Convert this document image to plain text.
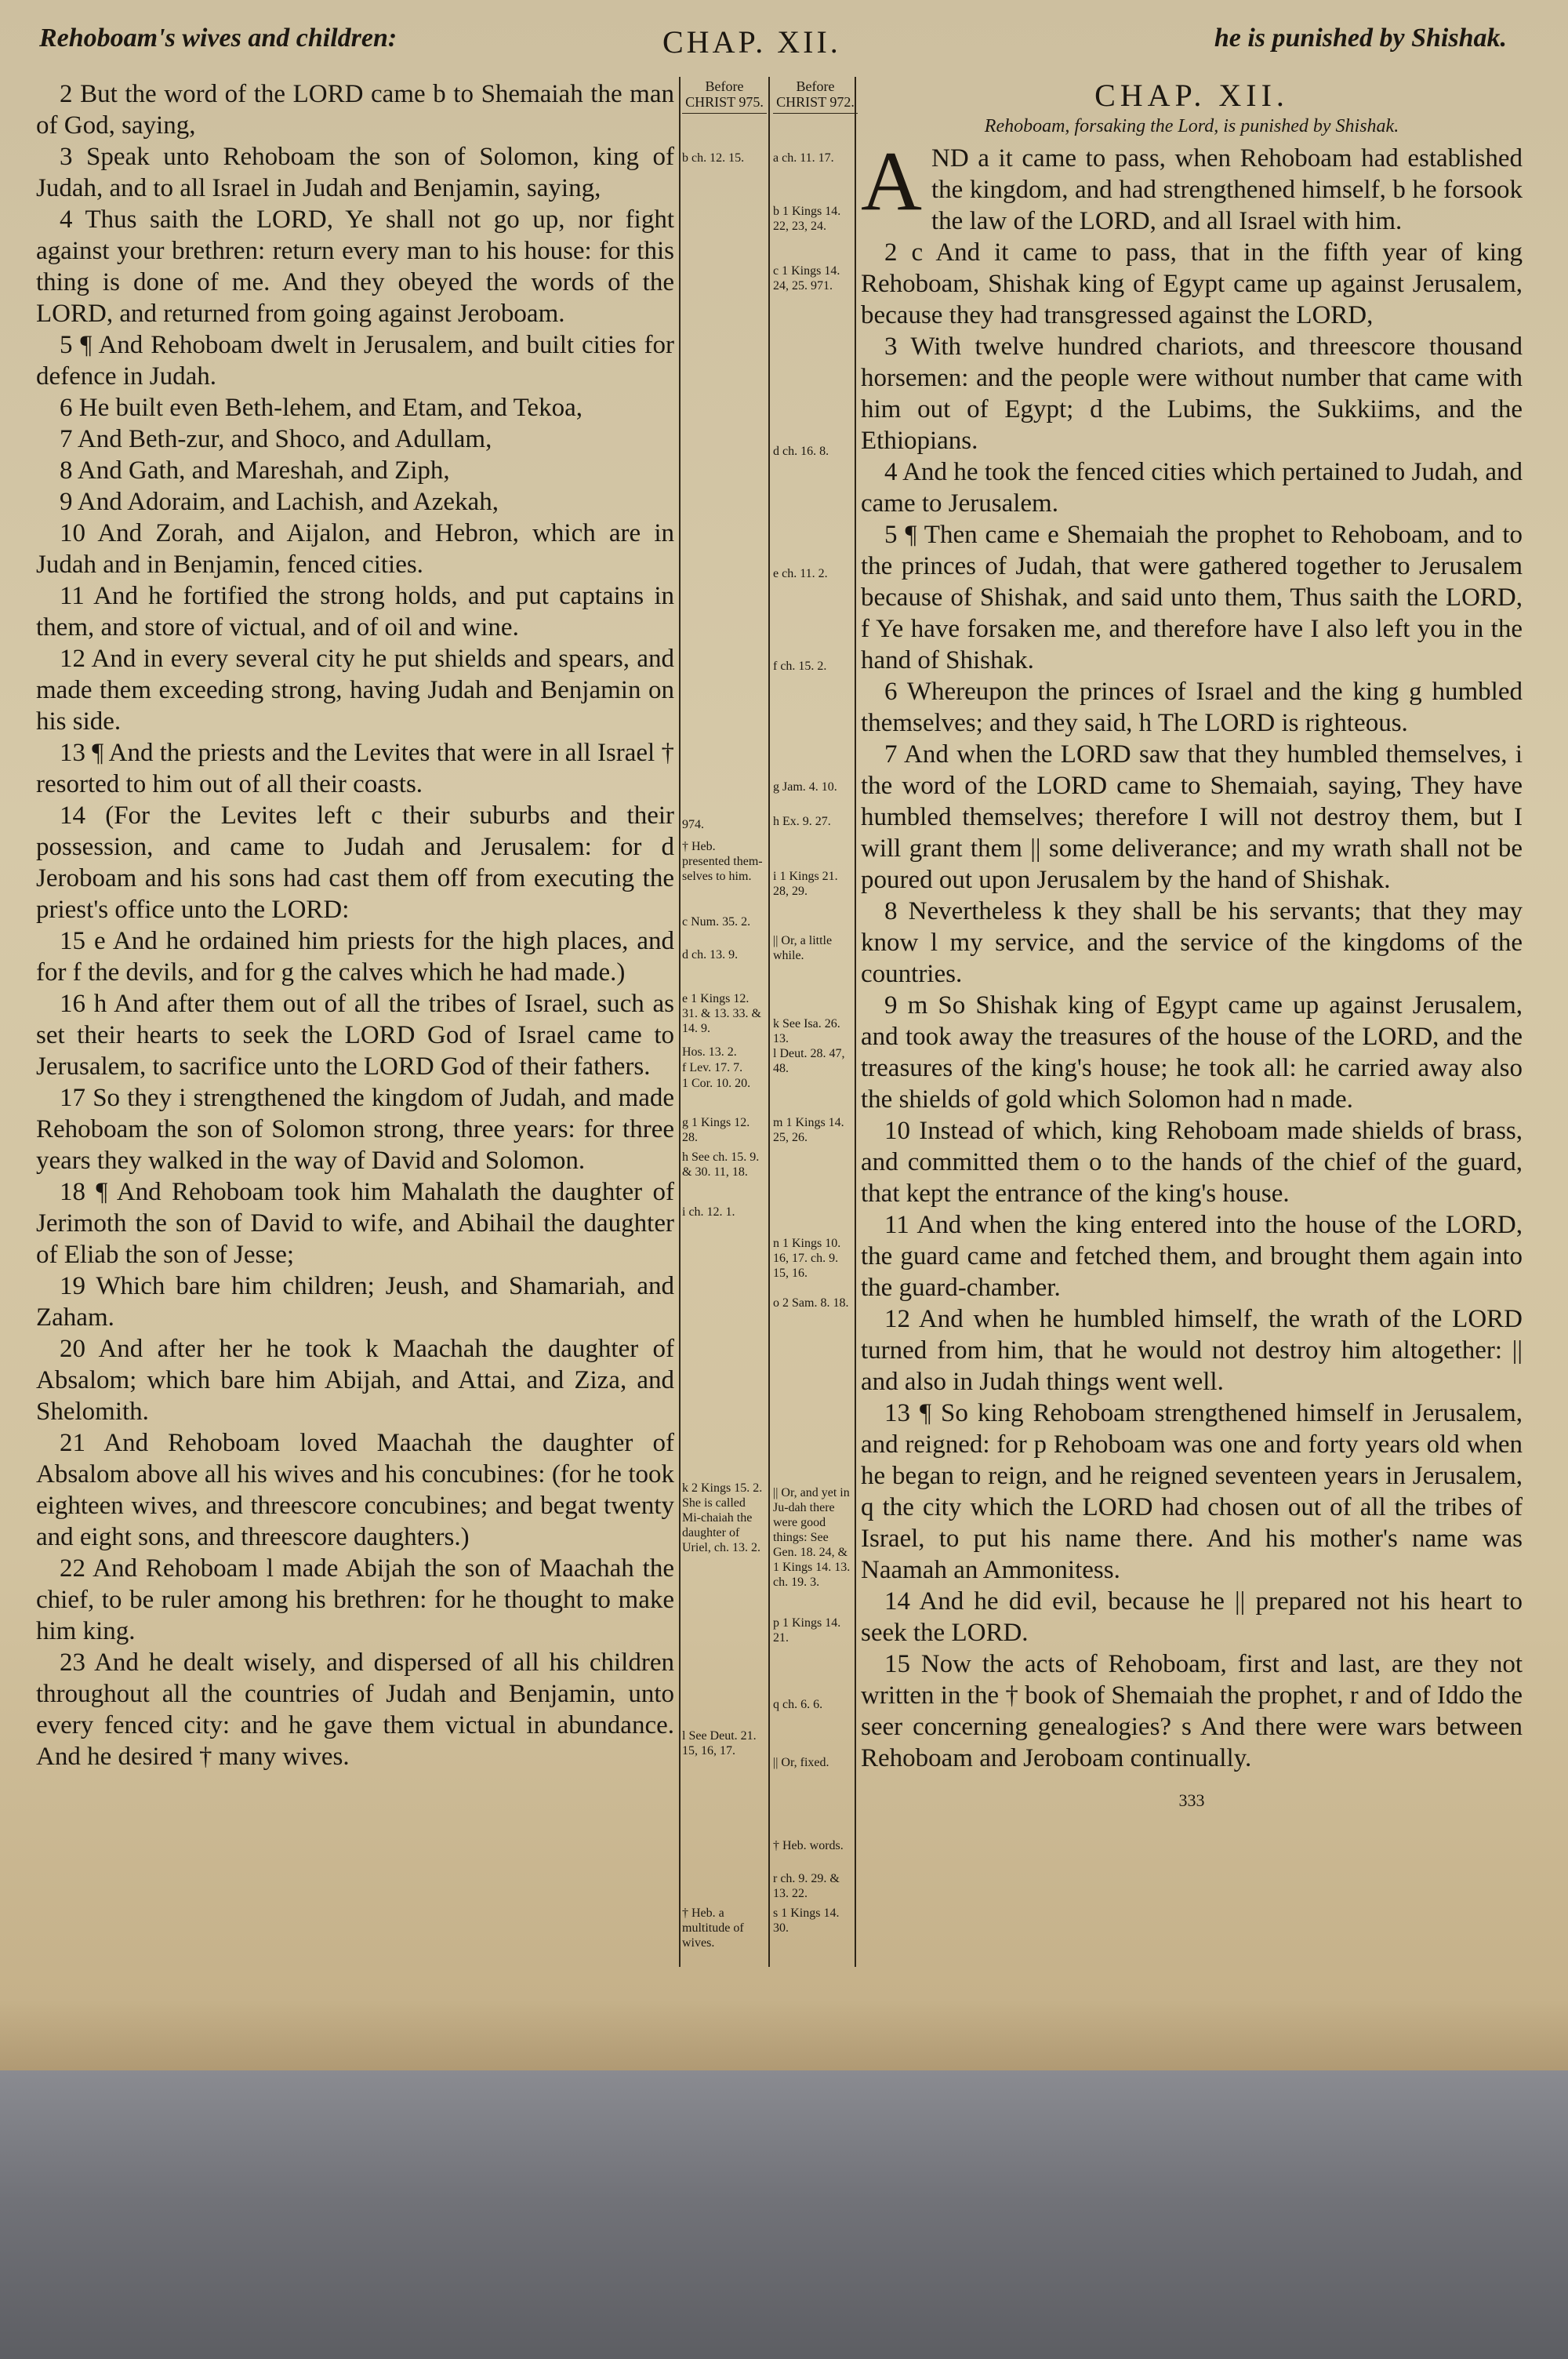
Rehoboam's wives and children:	CHAP. XII.	he is punished by Shishak.

2 But the word of the LORD came b to Shemaiah the man of God, saying,

3 Speak unto Rehoboam the son of Solomon, king of Judah, and to all Israel in Judah and Benjamin, saying,

4 Thus saith the LORD, Ye shall not go up, nor fight against your brethren: return every man to his house: for this thing is done of me. And they obeyed the words of the LORD, and returned from going against Jeroboam.

5 ¶ And Rehoboam dwelt in Jerusalem, and built cities for defence in Judah.

6 He built even Beth-lehem, and Etam, and Tekoa,

7 And Beth-zur, and Shoco, and Adullam,

8 And Gath, and Mareshah, and Ziph,

9 And Adoraim, and Lachish, and Azekah,

10 And Zorah, and Aijalon, and Hebron, which are in Judah and in Benjamin, fenced cities.

11 And he fortified the strong holds, and put captains in them, and store of victual, and of oil and wine.

12 And in every several city he put shields and spears, and made them exceeding strong, having Judah and Benjamin on his side.

13 ¶ And the priests and the Levites that were in all Israel † resorted to him out of all their coasts.

14 (For the Levites left c their suburbs and their possession, and came to Judah and Jerusalem: for d Jeroboam and his sons had cast them off from executing the priest's office unto the LORD:

15 e And he ordained him priests for the high places, and for f the devils, and for g the calves which he had made.)

16 h And after them out of all the tribes of Israel, such as set their hearts to seek the LORD God of Israel came to Jerusalem, to sacrifice unto the LORD God of their fathers.

17 So they i strengthened the kingdom of Judah, and made Rehoboam the son of Solomon strong, three years: for three years they walked in the way of David and Solomon.

18 ¶ And Rehoboam took him Mahalath the daughter of Jerimoth the son of David to wife, and Abihail the daughter of Eliab the son of Jesse;

19 Which bare him children; Jeush, and Shamariah, and Zaham.

20 And after her he took k Maachah the daughter of Absalom; which bare him Abijah, and Attai, and Ziza, and Shelomith.

21 And Rehoboam loved Maachah the daughter of Absalom above all his wives and his concubines: (for he took eighteen wives, and threescore concubines; and begat twenty and eight sons, and threescore daughters.)

22 And Rehoboam l made Abijah the son of Maachah the chief, to be ruler among his brethren: for he thought to make him king.

23 And he dealt wisely, and dispersed of all his children throughout all the countries of Judah and Benjamin, unto every fenced city: and he gave them victual in abundance. And he desired † many wives.

Before CHRIST 975.
b ch. 12. 15.
974.
† Heb. presented them-selves to him.
c Num. 35. 2.
d ch. 13. 9.
e 1 Kings 12. 31. & 13. 33. & 14. 9.
Hos. 13. 2.
f Lev. 17. 7.
1 Cor. 10. 20.
g 1 Kings 12. 28.
h See ch. 15. 9. & 30. 11, 18.
i ch. 12. 1.
k 2 Kings 15. 2. She is called Mi-chaiah the daughter of Uriel, ch. 13. 2.
l See Deut. 21. 15, 16, 17.
† Heb. a multitude of wives.
Before CHRIST 972.
a ch. 11. 17.
b 1 Kings 14. 22, 23, 24.
c 1 Kings 14. 24, 25. 971.
d ch. 16. 8.
e ch. 11. 2.
f ch. 15. 2.
g Jam. 4. 10.
h Ex. 9. 27.
i 1 Kings 21. 28, 29.
|| Or, a little while.
k See Isa. 26. 13.
l Deut. 28. 47, 48.
m 1 Kings 14. 25, 26.
n 1 Kings 10. 16, 17. ch. 9. 15, 16.
o 2 Sam. 8. 18.
|| Or, and yet in Ju-dah there were good things: See Gen. 18. 24, & 1 Kings 14. 13. ch. 19. 3.
p 1 Kings 14. 21.
q ch. 6. 6.
|| Or, fixed.
† Heb. words.
r ch. 9. 29. & 13. 22.
s 1 Kings 14. 30.

CHAP. XII.

Rehoboam, forsaking the Lord, is punished by Shishak.

AND a it came to pass, when Rehoboam had established the kingdom, and had strengthened himself, b he forsook the law of the LORD, and all Israel with him.

2 c And it came to pass, that in the fifth year of king Rehoboam, Shishak king of Egypt came up against Jerusalem, because they had transgressed against the LORD,

3 With twelve hundred chariots, and threescore thousand horsemen: and the people were without number that came with him out of Egypt; d the Lubims, the Sukkiims, and the Ethiopians.

4 And he took the fenced cities which pertained to Judah, and came to Jerusalem.

5 ¶ Then came e Shemaiah the prophet to Rehoboam, and to the princes of Judah, that were gathered together to Jerusalem because of Shishak, and said unto them, Thus saith the LORD, f Ye have forsaken me, and therefore have I also left you in the hand of Shishak.

6 Whereupon the princes of Israel and the king g humbled themselves; and they said, h The LORD is righteous.

7 And when the LORD saw that they humbled themselves, i the word of the LORD came to Shemaiah, saying, They have humbled themselves; therefore I will not destroy them, but I will grant them || some deliverance; and my wrath shall not be poured out upon Jerusalem by the hand of Shishak.

8 Nevertheless k they shall be his servants; that they may know l my service, and the service of the kingdoms of the countries.

9 m So Shishak king of Egypt came up against Jerusalem, and took away the treasures of the house of the LORD, and the treasures of the king's house; he took all: he carried away also the shields of gold which Solomon had n made.

10 Instead of which, king Rehoboam made shields of brass, and committed them o to the hands of the chief of the guard, that kept the entrance of the king's house.

11 And when the king entered into the house of the LORD, the guard came and fetched them, and brought them again into the guard-chamber.

12 And when he humbled himself, the wrath of the LORD turned from him, that he would not destroy him altogether: || and also in Judah things went well.

13 ¶ So king Rehoboam strengthened himself in Jerusalem, and reigned: for p Rehoboam was one and forty years old when he began to reign, and he reigned seventeen years in Jerusalem, q the city which the LORD had chosen out of all the tribes of Israel, to put his name there. And his mother's name was Naamah an Ammonitess.

14 And he did evil, because he || prepared not his heart to seek the LORD.

15 Now the acts of Rehoboam, first and last, are they not written in the † book of Shemaiah the prophet, r and of Iddo the seer concerning genealogies? s And there were wars between Rehoboam and Jeroboam continually.

333
